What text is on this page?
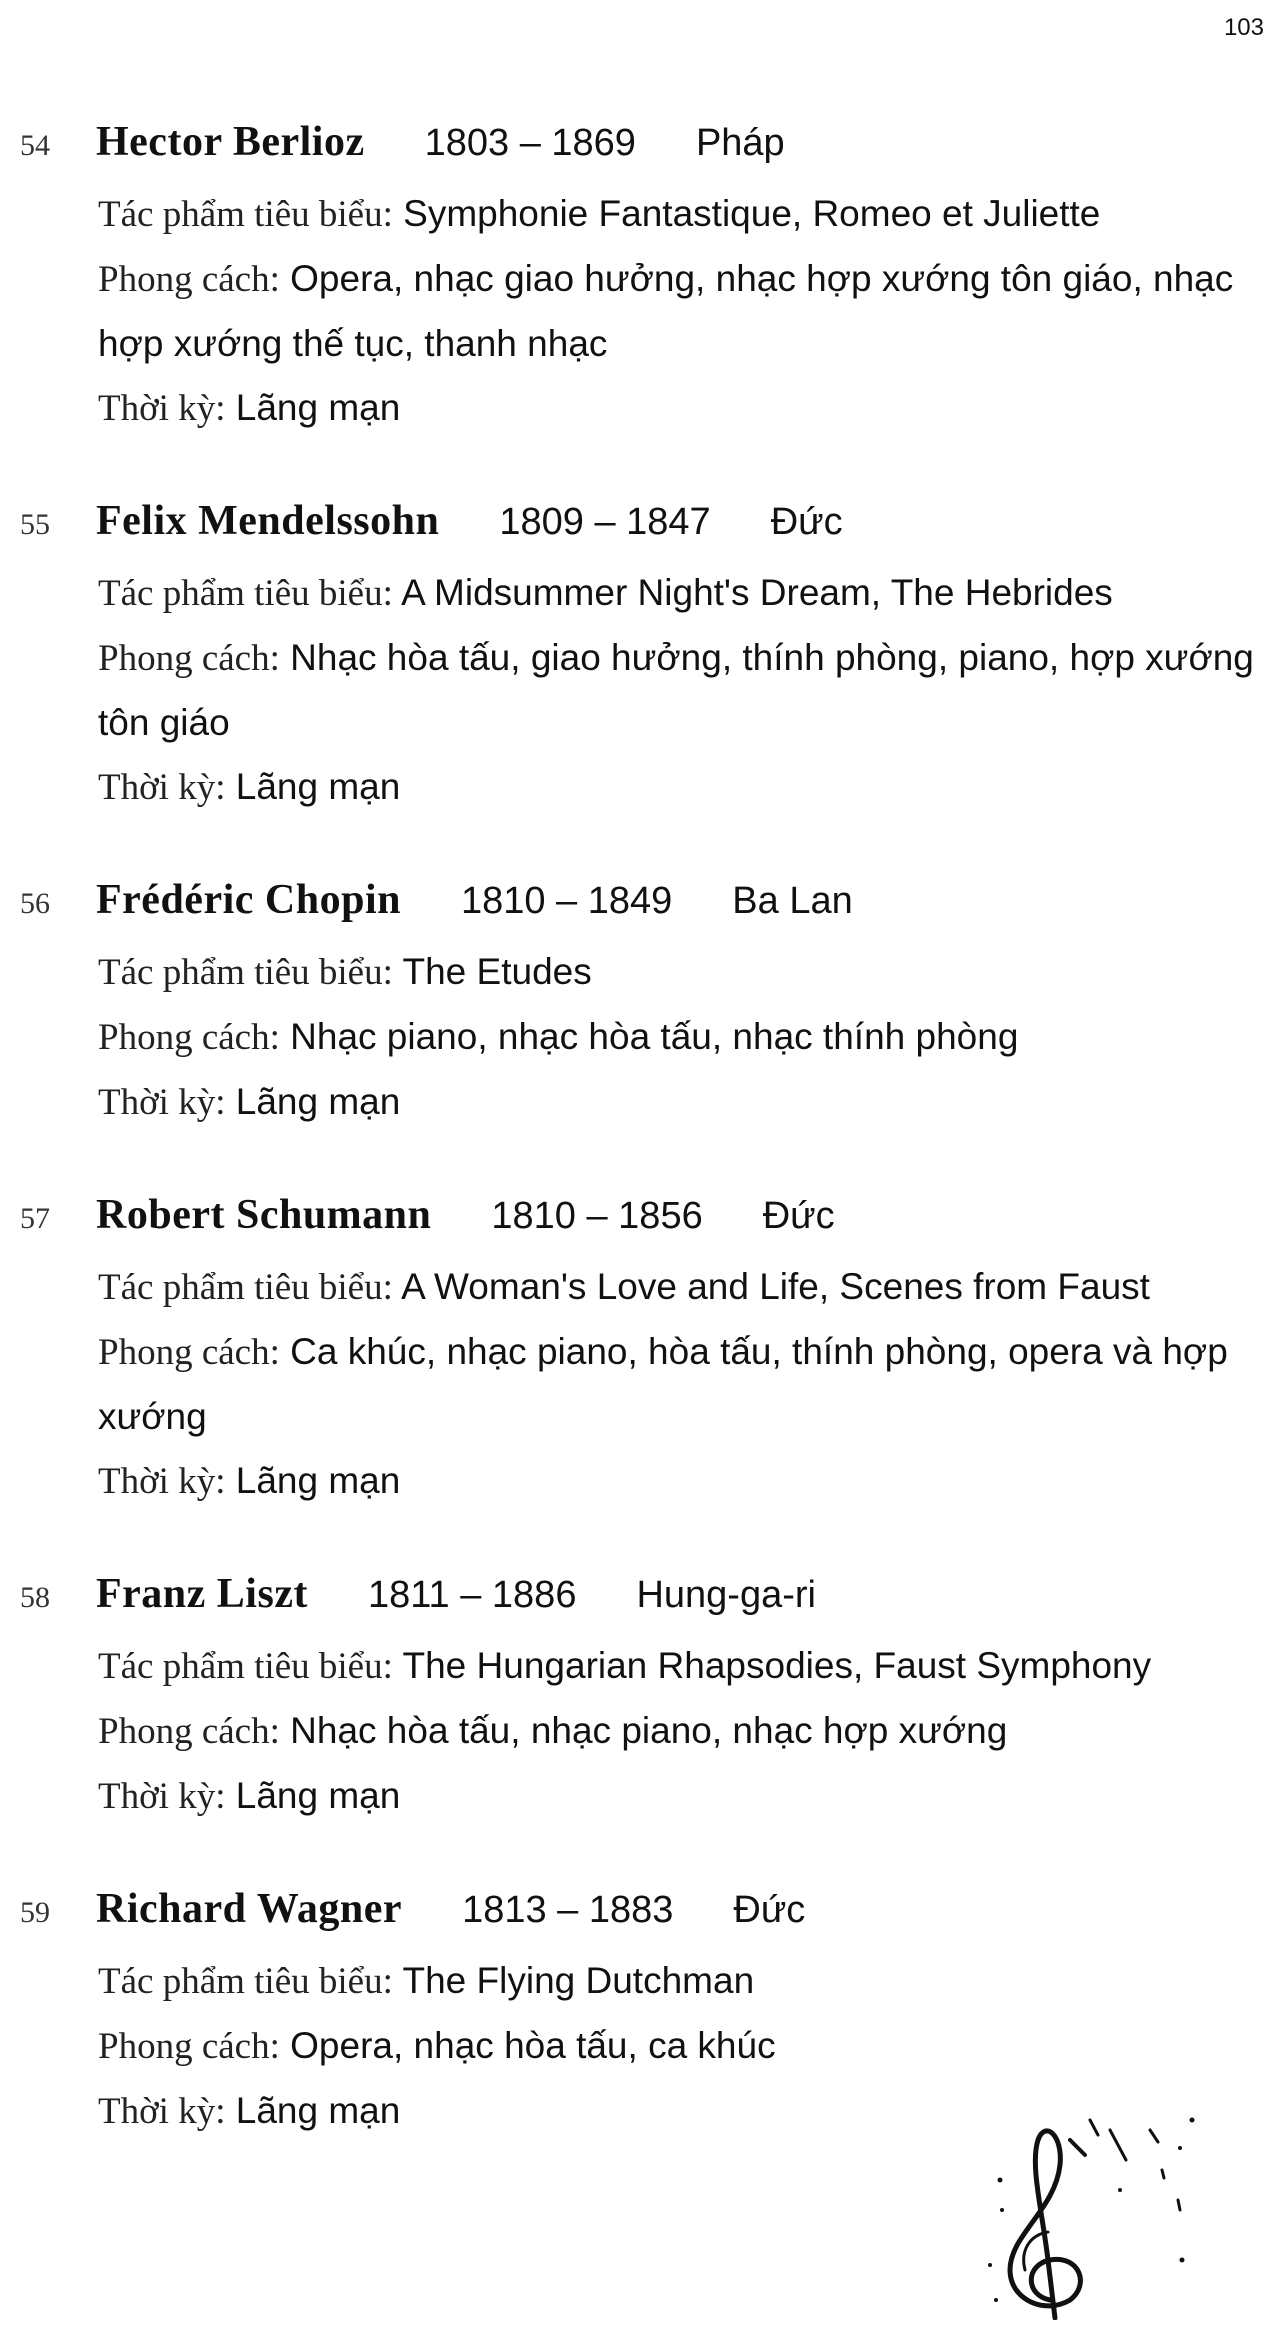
103
54	Hector Berlioz 1803 – 1869 Pháp
Tác phẩm tiêu biểu: Symphonie Fantastique, Romeo et Juliette
Phong cách: Opera, nhạc giao hưởng, nhạc hợp xướng tôn giáo, nhạc hợp xướng thế tục, thanh nhạc
Thời kỳ: Lãng mạn
55	Felix Mendelssohn 1809 – 1847 Đức
Tác phẩm tiêu biểu: A Midsummer Night's Dream, The Hebrides
Phong cách: Nhạc hòa tấu, giao hưởng, thính phòng, piano, hợp xướng tôn giáo
Thời kỳ: Lãng mạn
56	Frédéric Chopin 1810 – 1849 Ba Lan
Tác phẩm tiêu biểu: The Etudes
Phong cách: Nhạc piano, nhạc hòa tấu, nhạc thính phòng
Thời kỳ: Lãng mạn
57	Robert Schumann 1810 – 1856 Đức
Tác phẩm tiêu biểu: A Woman's Love and Life, Scenes from Faust
Phong cách: Ca khúc, nhạc piano, hòa tấu, thính phòng, opera và hợp xướng
Thời kỳ: Lãng mạn
58	Franz Liszt 1811 – 1886 Hung-ga-ri
Tác phẩm tiêu biểu: The Hungarian Rhapsodies, Faust Symphony
Phong cách: Nhạc hòa tấu, nhạc piano, nhạc hợp xướng
Thời kỳ: Lãng mạn
59	Richard Wagner 1813 – 1883 Đức
Tác phẩm tiêu biểu: The Flying Dutchman
Phong cách: Opera, nhạc hòa tấu, ca khúc
Thời kỳ: Lãng mạn
